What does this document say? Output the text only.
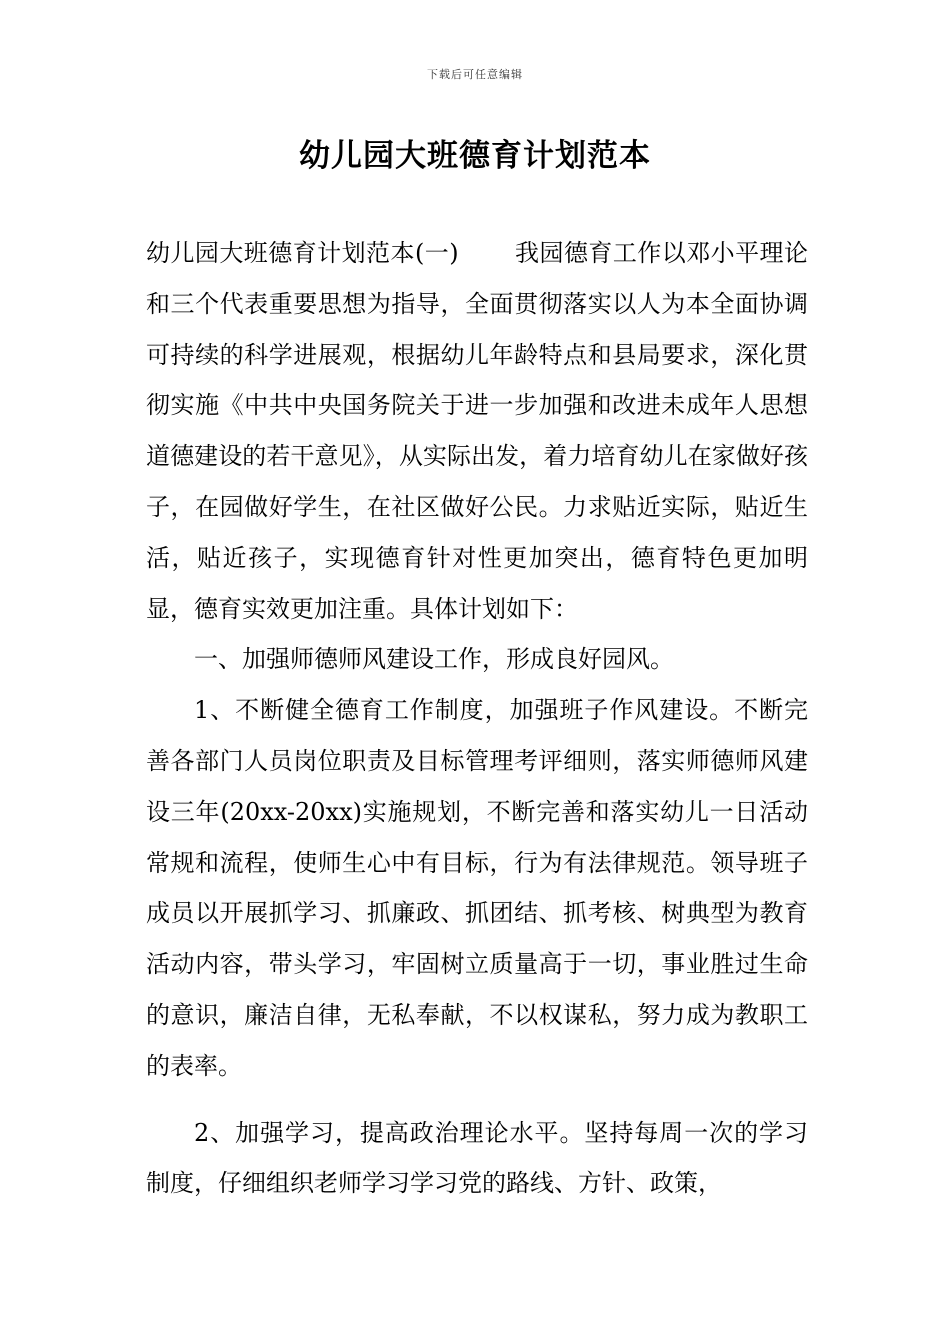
下载后可任意编辑
幼儿园大班德育计划范本

幼儿园大班德育计划范本(一) 我园德育工作以邓小平理论和三个代表重要思想为指导，全面贯彻落实以人为本全面协调可持续的科学进展观，根据幼儿年龄特点和县局要求，深化贯彻实施《中共中央国务院关于进一步加强和改进未成年人思想道德建设的若干意见》，从实际出发，着力培育幼儿在家做好孩子，在园做好学生，在社区做好公民。力求贴近实际，贴近生活，贴近孩子，实现德育针对性更加突出，德育特色更加明显，德育实效更加注重。具体计划如下：

一、加强师德师风建设工作，形成良好园风。

1、不断健全德育工作制度，加强班子作风建设。不断完善各部门人员岗位职责及目标管理考评细则，落实师德师风建设三年(20xx-20xx)实施规划，不断完善和落实幼儿一日活动常规和流程，使师生心中有目标，行为有法律规范。领导班子成员以开展抓学习、抓廉政、抓团结、抓考核、树典型为教育活动内容，带头学习，牢固树立质量高于一切，事业胜过生命的意识，廉洁自律，无私奉献，不以权谋私，努力成为教职工的表率。

2、加强学习，提高政治理论水平。坚持每周一次的学习制度，仔细组织老师学习学习党的路线、方针、政策，
